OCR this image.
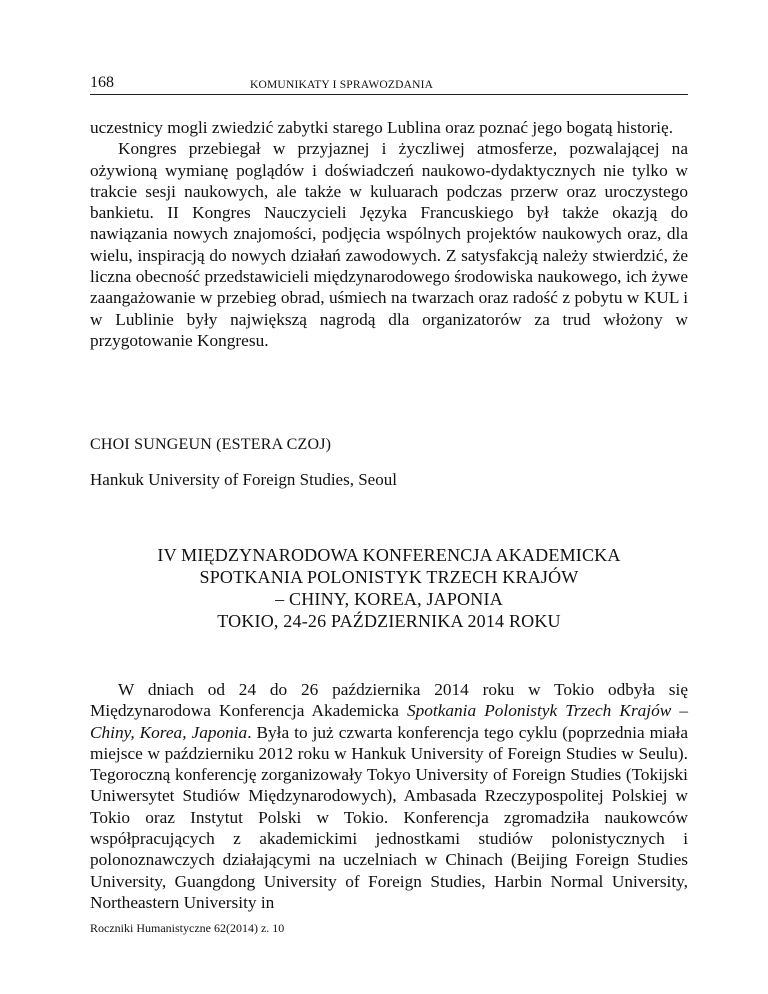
168	KOMUNIKATY I SPRAWOZDANIA

uczestnicy mogli zwiedzić zabytki starego Lublina oraz poznać jego bogatą historię.

Kongres przebiegał w przyjaznej i życzliwej atmosferze, pozwalającej na ożywioną wymianę poglądów i doświadczeń naukowo-dydaktycznych nie tylko w trakcie sesji naukowych, ale także w kuluarach podczas przerw oraz uroczystego bankietu. II Kongres Nauczycieli Języka Francuskiego był także okazją do nawiązania nowych znajomości, podjęcia wspólnych projektów naukowych oraz, dla wielu, inspiracją do nowych działań zawodowych. Z satysfakcją należy stwierdzić, że liczna obecność przedstawicieli międzynarodowego środowiska naukowego, ich żywe zaangażowanie w przebieg obrad, uśmiech na twarzach oraz radość z pobytu w KUL i w Lublinie były największą nagrodą dla organizatorów za trud włożony w przygotowanie Kongresu.

CHOI SUNGEUN (ESTERA CZOJ)
Hankuk University of Foreign Studies, Seoul
IV MIĘDZYNARODOWA KONFERENCJA AKADEMICKA
SPOTKANIA POLONISTYK TRZECH KRAJÓW
– CHINY, KOREA, JAPONIA
TOKIO, 24-26 PAŹDZIERNIKA 2014 ROKU

W dniach od 24 do 26 października 2014 roku w Tokio odbyła się Międzynarodowa Konferencja Akademicka Spotkania Polonistyk Trzech Krajów – Chiny, Korea, Japonia. Była to już czwarta konferencja tego cyklu (poprzednia miała miejsce w październiku 2012 roku w Hankuk University of Foreign Studies w Seulu). Tegoroczną konferencję zorganizowały Tokyo University of Foreign Studies (Tokijski Uniwersytet Studiów Międzynarodowych), Ambasada Rzeczypospolitej Polskiej w Tokio oraz Instytut Polski w Tokio. Konferencja zgromadziła naukowców współpracujących z akademickimi jednostkami studiów polonistycznych i polonoznawczych działającymi na uczelniach w Chinach (Beijing Foreign Studies University, Guangdong University of Foreign Studies, Harbin Normal University, Northeastern University in

Roczniki Humanistyczne 62(2014) z. 10
